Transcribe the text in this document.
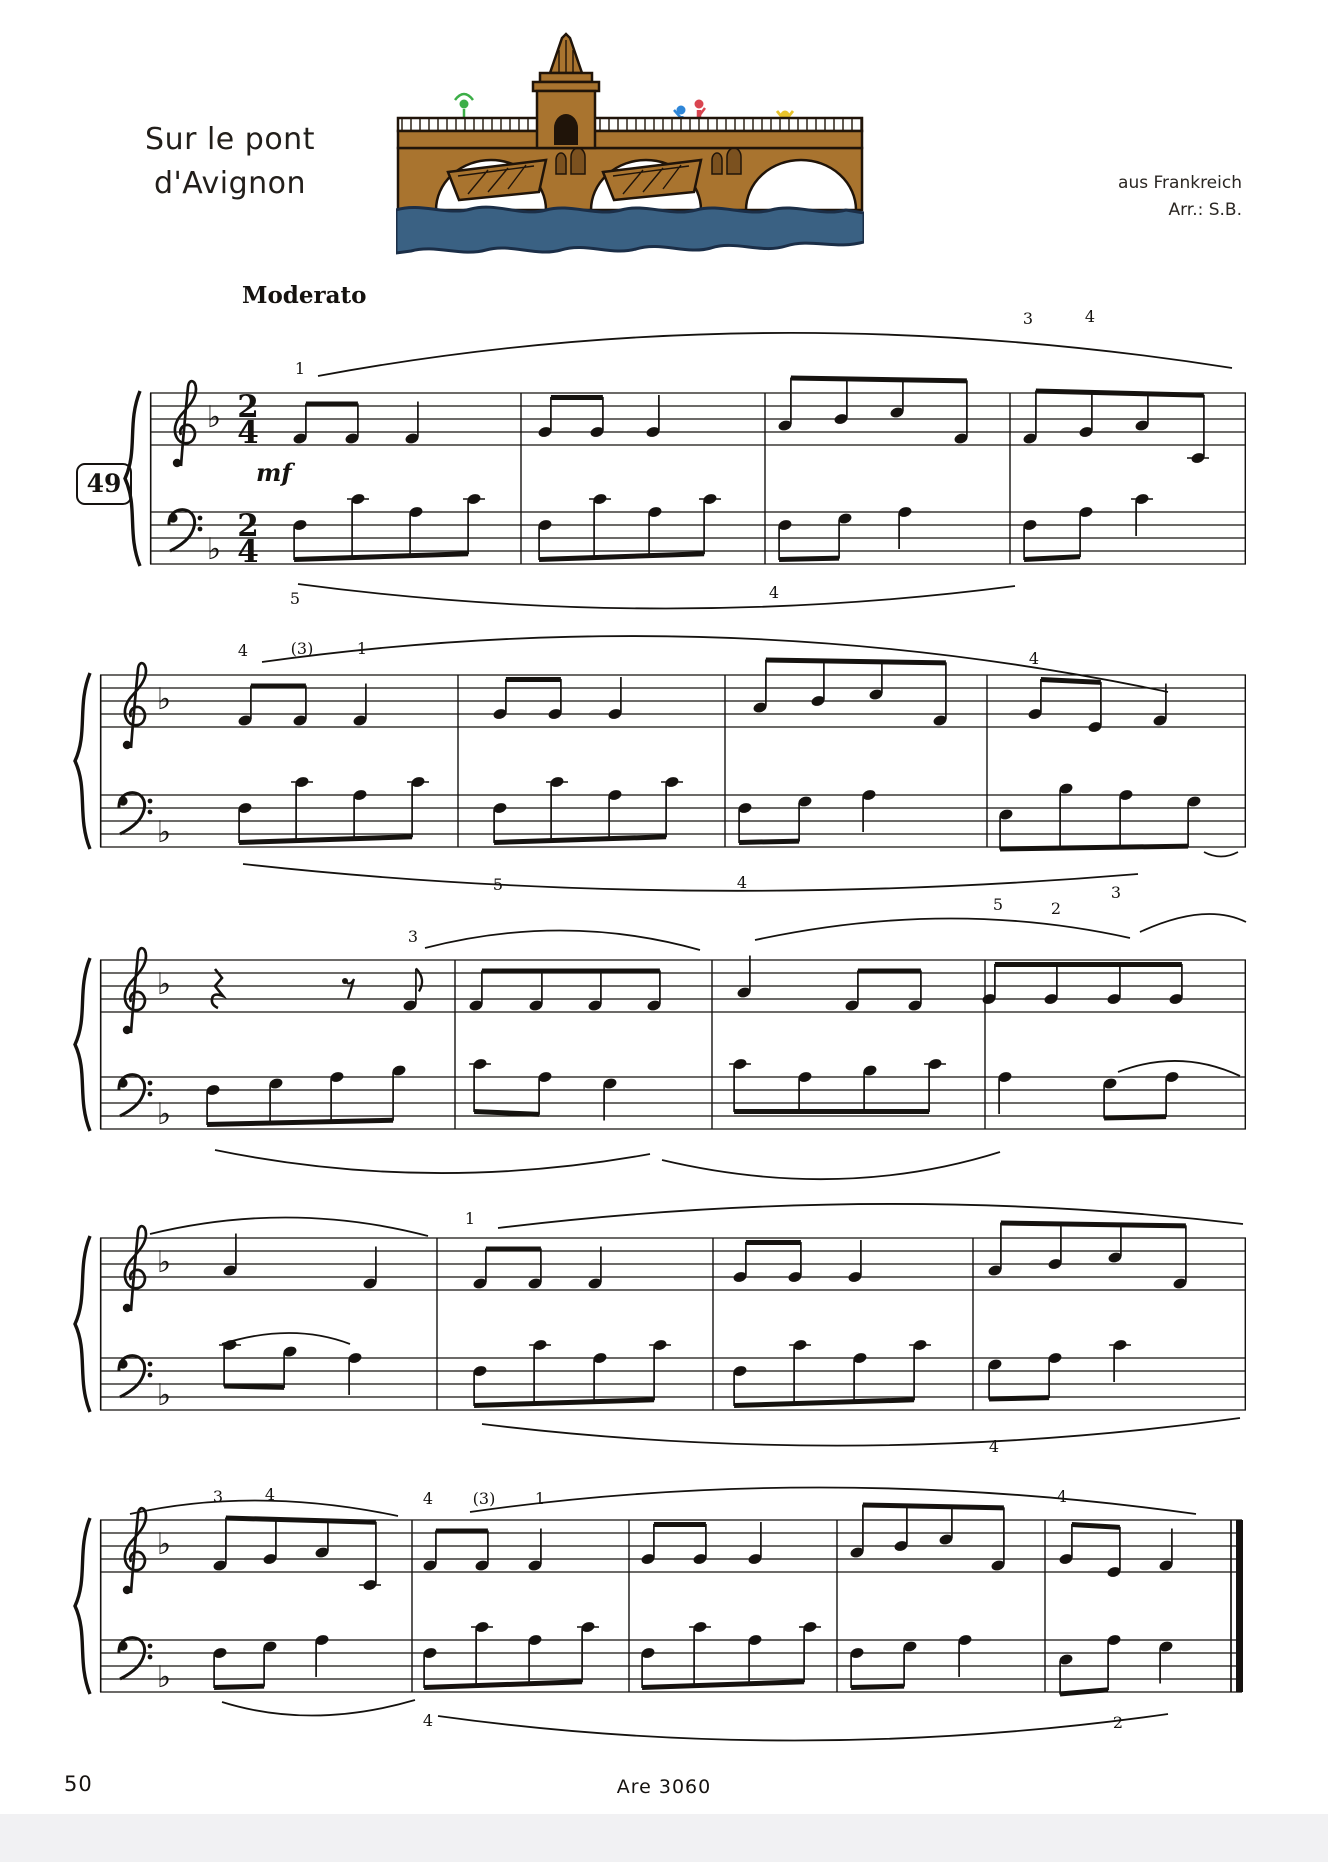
Sur le pont
d'Avignon	aus Frankreich
Arr.: S.B.
Moderato
mf
49
♭
♭
2
4
2
4
1
3	4
5	4
♭
♭
4	(3)	1
4
5	4
5	2
3
♭
♭
3
♭
♭
1
4
♭
♭
3	4	4 (3) 1	4
4	2
50	Are 3060
